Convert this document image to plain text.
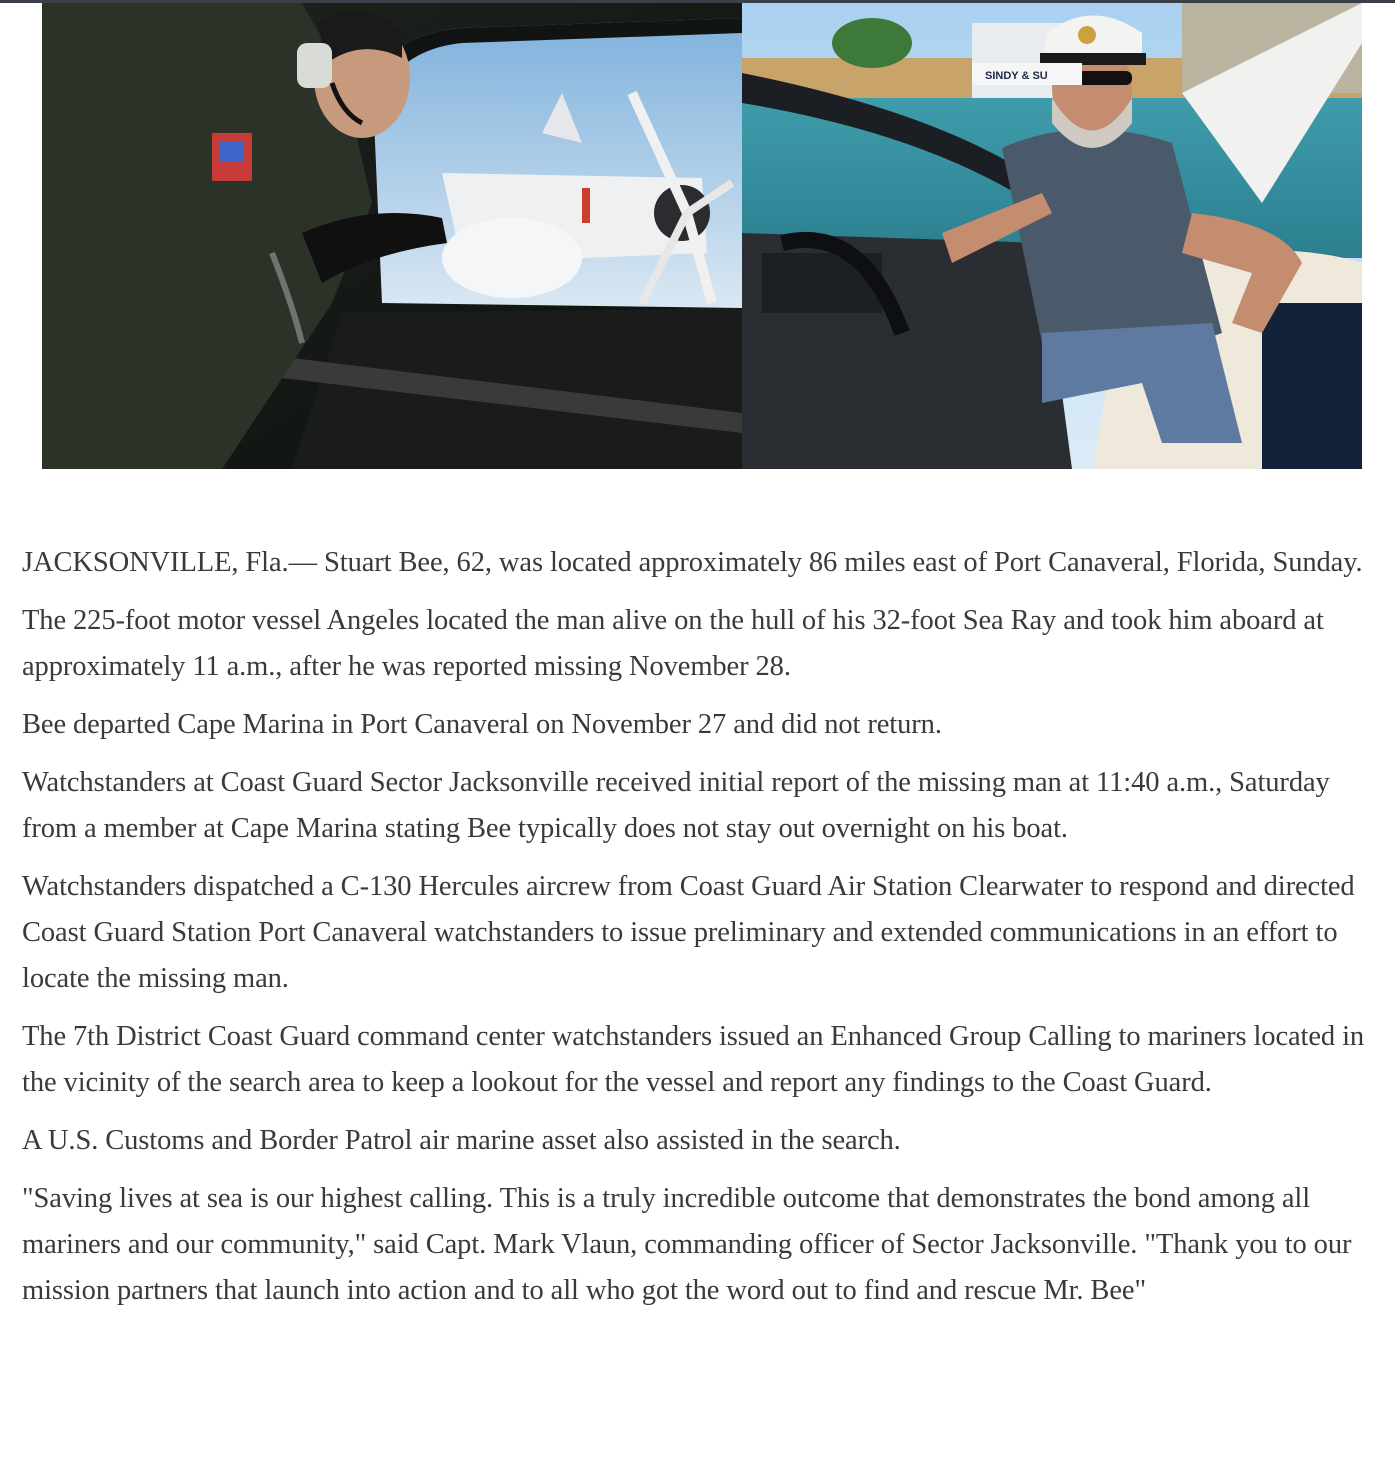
SINDY & SU

JACKSONVILLE, Fla.— Stuart Bee, 62, was located approximately 86 miles east of Port Canaveral, Florida, Sunday.

The 225-foot motor vessel Angeles located the man alive on the hull of his 32-foot Sea Ray and took him aboard at approximately 11 a.m., after he was reported missing November 28.

Bee departed Cape Marina in Port Canaveral on November 27 and did not return.

Watchstanders at Coast Guard Sector Jacksonville received initial report of the missing man at 11:40 a.m., Saturday from a member at Cape Marina stating Bee typically does not stay out overnight on his boat.

Watchstanders dispatched a C-130 Hercules aircrew from Coast Guard Air Station Clearwater to respond and directed Coast Guard Station Port Canaveral watchstanders to issue preliminary and extended communications in an effort to locate the missing man.

The 7th District Coast Guard command center watchstanders issued an Enhanced Group Calling to mariners located in the vicinity of the search area to keep a lookout for the vessel and report any findings to the Coast Guard.

A U.S. Customs and Border Patrol air marine asset also assisted in the search.

"Saving lives at sea is our highest calling. This is a truly incredible outcome that demonstrates the bond among all mariners and our community," said Capt. Mark Vlaun, commanding officer of Sector Jacksonville. "Thank you to our mission partners that launch into action and to all who got the word out to find and rescue Mr. Bee"
